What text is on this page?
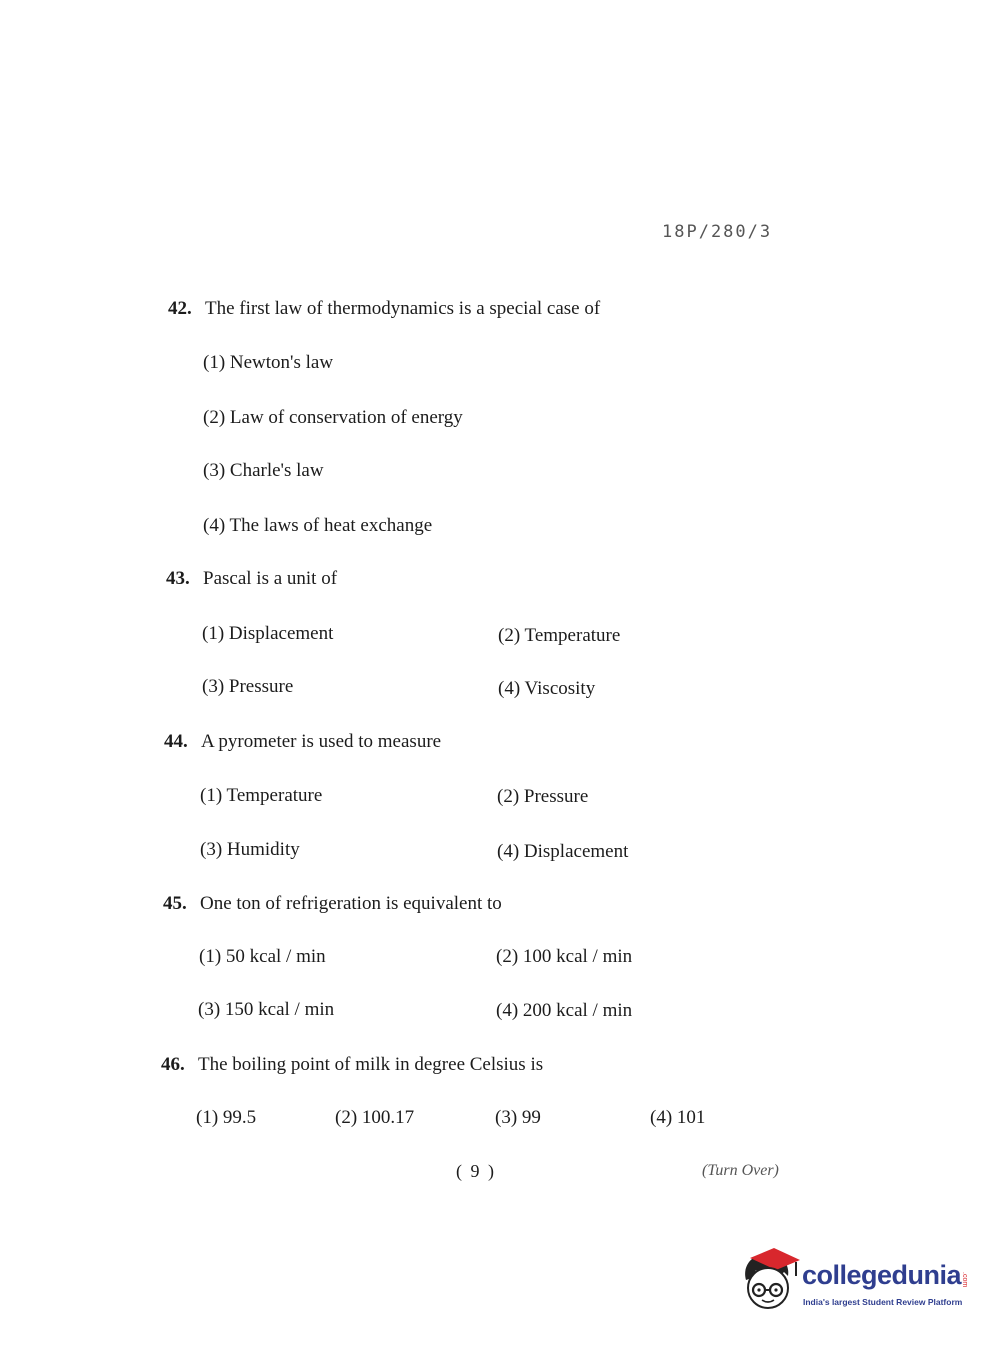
18P/280/3
42. The first law of thermodynamics is a special case of
(1) Newton's law
(2) Law of conservation of energy
(3) Charle's law
(4) The laws of heat exchange
43. Pascal is a unit of
(1) Displacement	(2) Temperature
(3) Pressure	(4) Viscosity
44. A pyrometer is used to measure
(1) Temperature	(2) Pressure
(3) Humidity	(4) Displacement
45. One ton of refrigeration is equivalent to
(1) 50 kcal / min	(2) 100 kcal / min
(3) 150 kcal / min	(4) 200 kcal / min
46. The boiling point of milk in degree Celsius is
(1) 99.5	(2) 100.17	(3) 99	(4) 101
( 9 )	(Turn Over)
collegedunia .com
India's largest Student Review Platform
